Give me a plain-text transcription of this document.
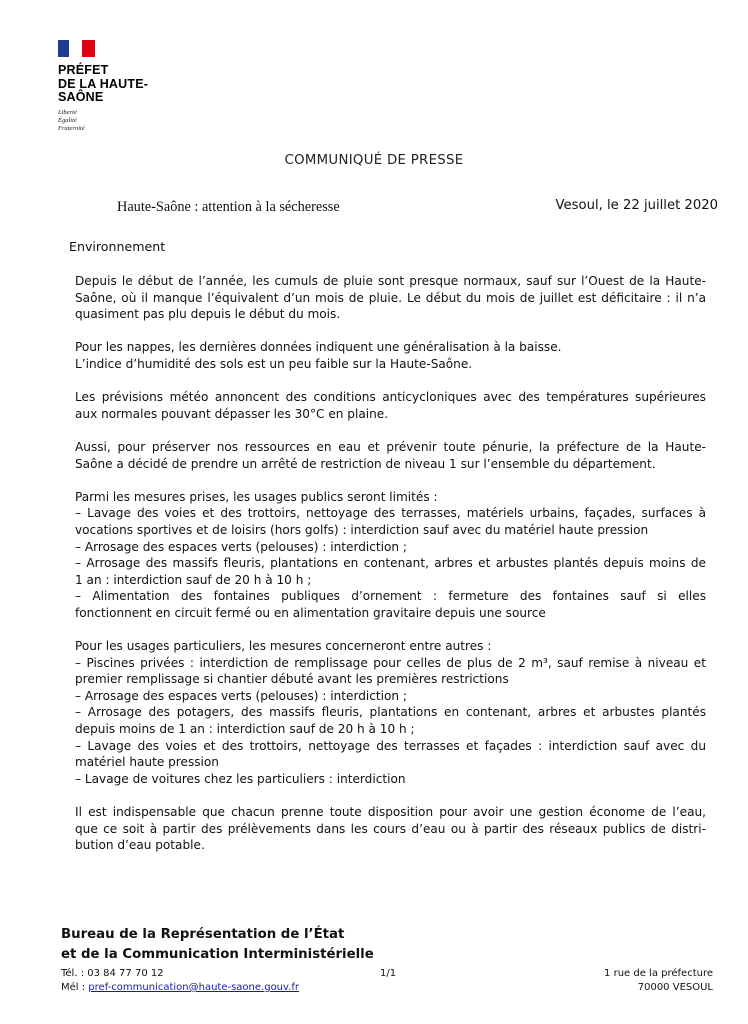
PRÉFET
DE LA HAUTE-
SAÔNE
Liberté
Égalité
Fraternité
COMMUNIQUÉ DE PRESSE
Haute-Saône : attention à la sécheresse	Vesoul, le 22 juillet 2020
Environnement

Depuis le début de l’année, les cumuls de pluie sont presque normaux, sauf sur l’Ouest de la Haute-
Saône, où il manque l’équivalent d’un mois de pluie. Le début du mois de juillet est déficitaire : il n’a
quasiment pas plu depuis le début du mois.

Pour les nappes, les dernières données indiquent une généralisation à la baisse.
L’indice d’humidité des sols est un peu faible sur la Haute-Saône.

Les prévisions météo annoncent des conditions anticycloniques avec des températures supérieures
aux normales pouvant dépasser les 30°C en plaine.

Aussi, pour préserver nos ressources en eau et prévenir toute pénurie, la préfecture de la Haute-
Saône a décidé de prendre un arrêté de restriction de niveau 1 sur l’ensemble du département.

Parmi les mesures prises, les usages publics seront limités :
– Lavage des voies et des trottoirs, nettoyage des terrasses, matériels urbains, façades, surfaces à
vocations sportives et de loisirs (hors golfs) : interdiction sauf avec du matériel haute pression
– Arrosage des espaces verts (pelouses) : interdiction ;
– Arrosage des massifs fleuris, plantations en contenant, arbres et arbustes plantés depuis moins de
1 an : interdiction sauf de 20 h à 10 h ;
– Alimentation des fontaines publiques d’ornement : fermeture des fontaines sauf si elles
fonctionnent en circuit fermé ou en alimentation gravitaire depuis une source

Pour les usages particuliers, les mesures concerneront entre autres :
– Piscines privées : interdiction de remplissage pour celles de plus de 2 m³, sauf remise à niveau et
premier remplissage si chantier débuté avant les premières restrictions
– Arrosage des espaces verts (pelouses) : interdiction ;
– Arrosage des potagers, des massifs fleuris, plantations en contenant, arbres et arbustes plantés
depuis moins de 1 an : interdiction sauf de 20 h à 10 h ;
– Lavage des voies et des trottoirs, nettoyage des terrasses et façades : interdiction sauf avec du
matériel haute pression
– Lavage de voitures chez les particuliers : interdiction

Il est indispensable que chacun prenne toute disposition pour avoir une gestion économe de l’eau,
que ce soit à partir des prélèvements dans les cours d’eau ou à partir des réseaux publics de distri-
bution d’eau potable.

Bureau de la Représentation de l’État
et de la Communication Interministérielle
Tél. : 03 84 77 70 12
Mél : pref-communication@haute-saone.gouv.fr
1/1	1 rue de la préfecture
70000 VESOUL
